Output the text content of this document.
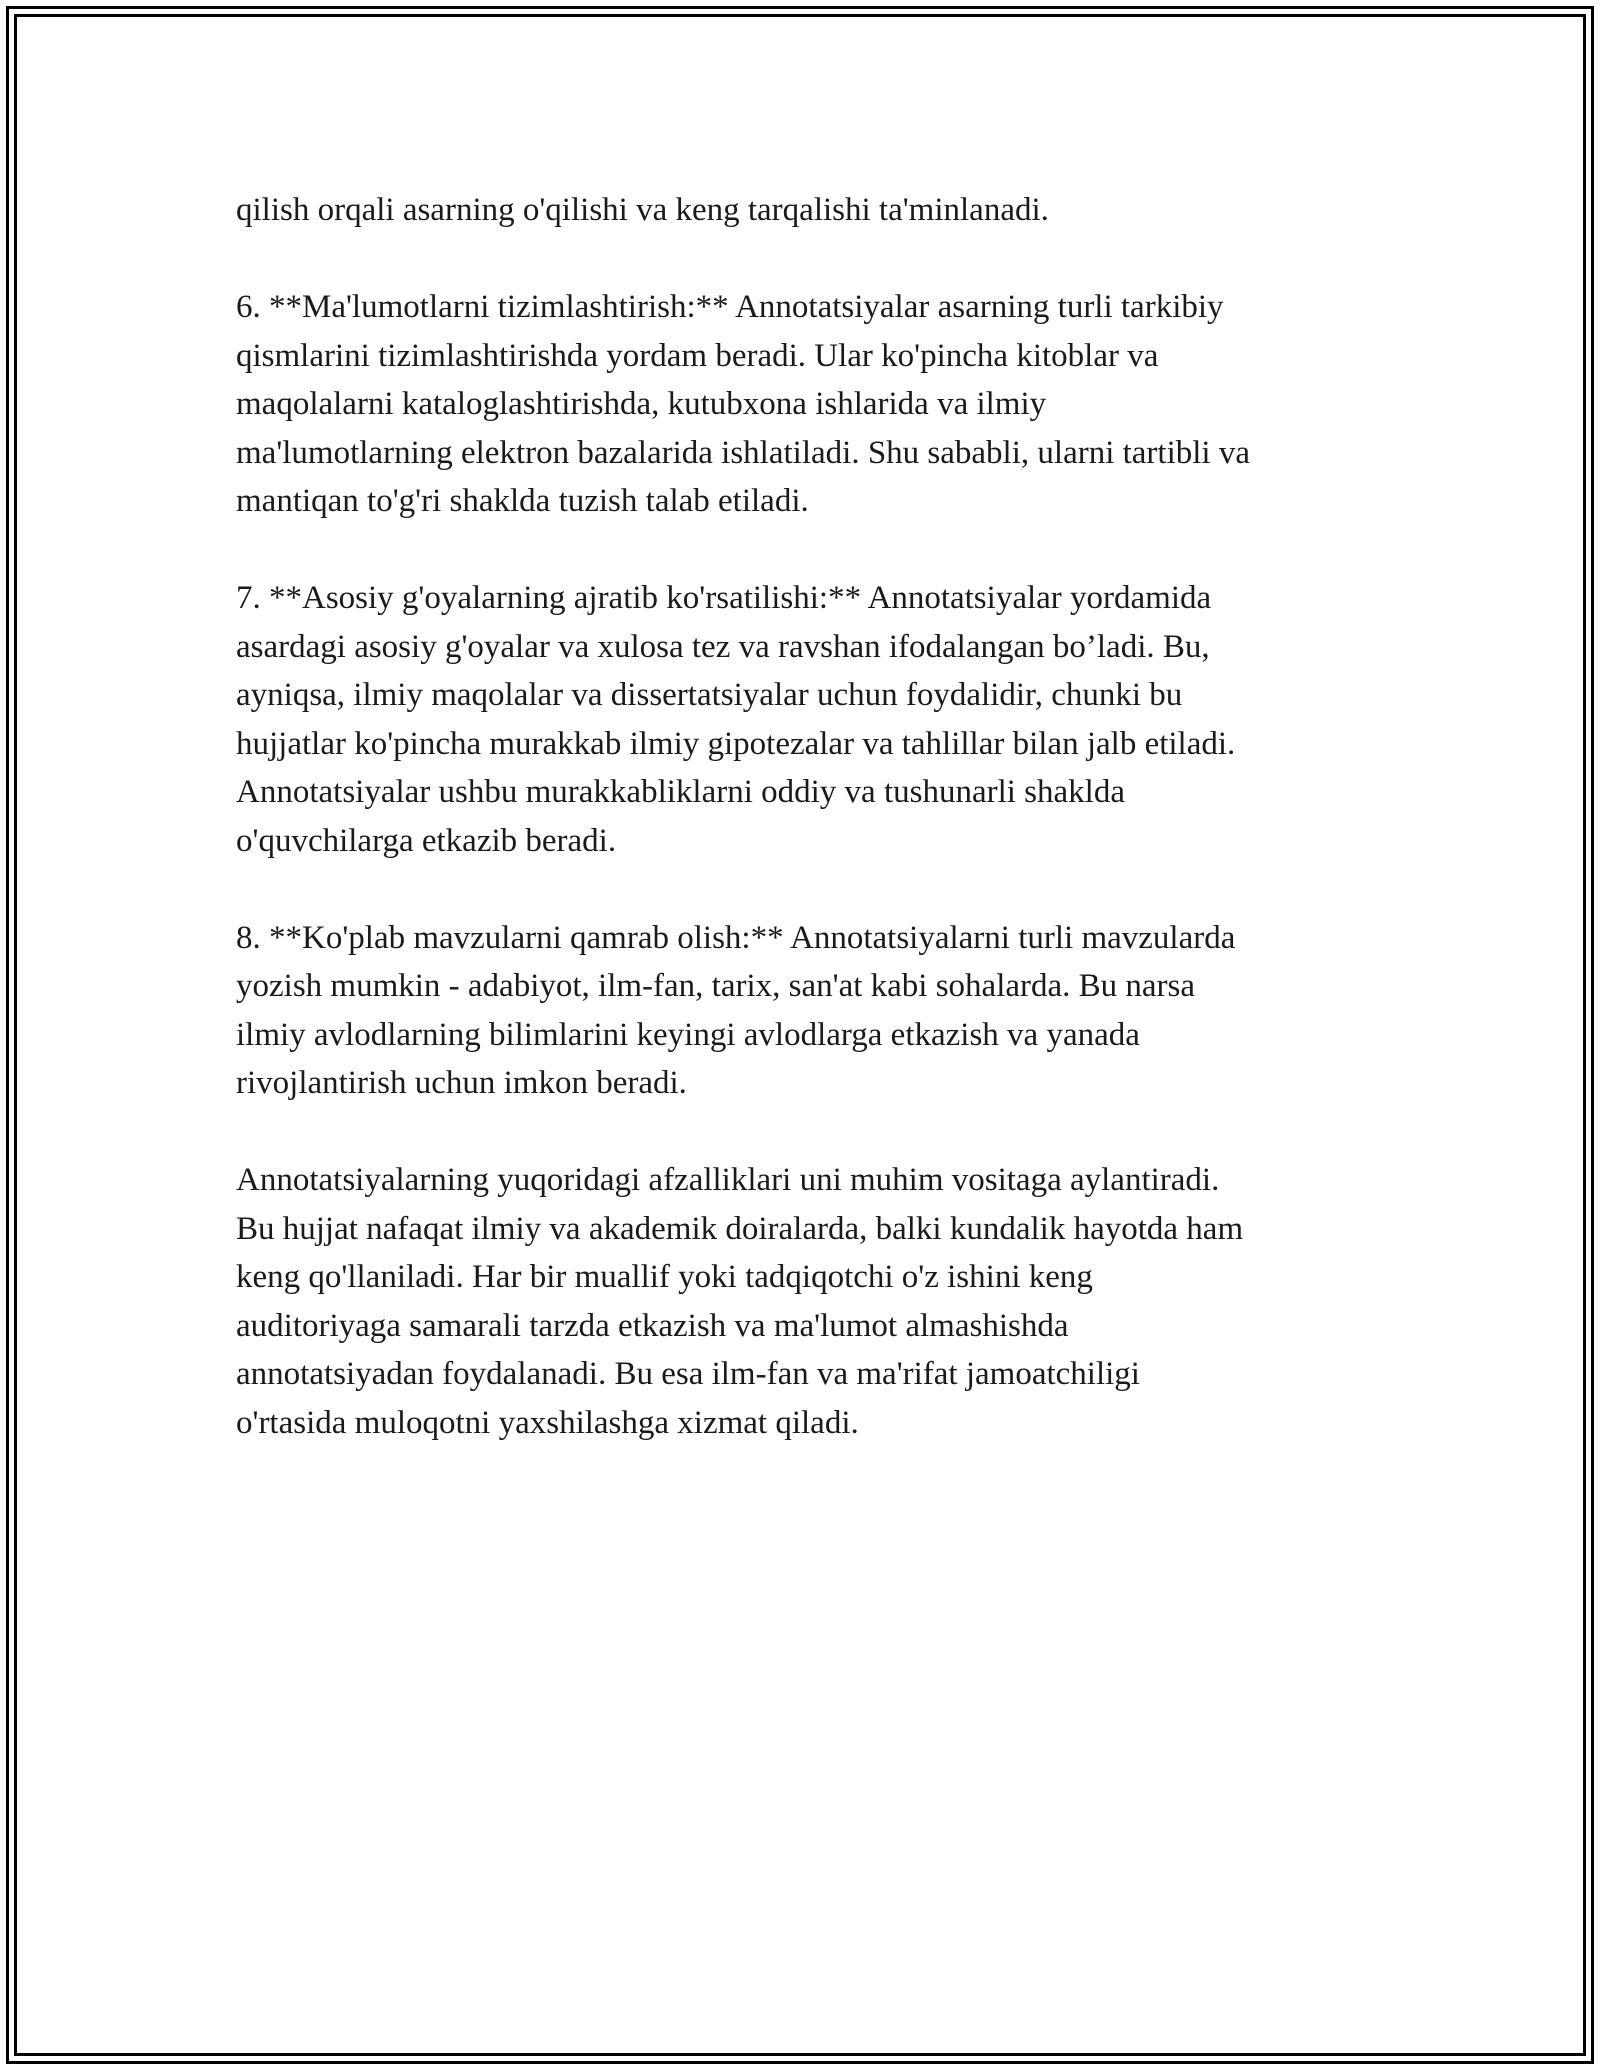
qilish orqali asarning o'qilishi va keng tarqalishi ta'minlanadi.

6. **Ma'lumotlarni tizimlashtirish:** Annotatsiyalar asarning turli tarkibiy
qismlarini tizimlashtirishda yordam beradi. Ular ko'pincha kitoblar va
maqolalarni kataloglashtirishda, kutubxona ishlarida va ilmiy
ma'lumotlarning elektron bazalarida ishlatiladi. Shu sababli, ularni tartibli va
mantiqan to'g'ri shaklda tuzish talab etiladi.

7. **Asosiy g'oyalarning ajratib ko'rsatilishi:** Annotatsiyalar yordamida
asardagi asosiy g'oyalar va xulosa tez va ravshan ifodalangan bo’ladi. Bu,
ayniqsa, ilmiy maqolalar va dissertatsiyalar uchun foydalidir, chunki bu
hujjatlar ko'pincha murakkab ilmiy gipotezalar va tahlillar bilan jalb etiladi.
Annotatsiyalar ushbu murakkabliklarni oddiy va tushunarli shaklda
o'quvchilarga etkazib beradi.

8. **Ko'plab mavzularni qamrab olish:** Annotatsiyalarni turli mavzularda
yozish mumkin - adabiyot, ilm-fan, tarix, san'at kabi sohalarda. Bu narsa
ilmiy avlodlarning bilimlarini keyingi avlodlarga etkazish va yanada
rivojlantirish uchun imkon beradi.

Annotatsiyalarning yuqoridagi afzalliklari uni muhim vositaga aylantiradi.
Bu hujjat nafaqat ilmiy va akademik doiralarda, balki kundalik hayotda ham
keng qo'llaniladi. Har bir muallif yoki tadqiqotchi o'z ishini keng
auditoriyaga samarali tarzda etkazish va ma'lumot almashishda
annotatsiyadan foydalanadi. Bu esa ilm-fan va ma'rifat jamoatchiligi
o'rtasida muloqotni yaxshilashga xizmat qiladi.
